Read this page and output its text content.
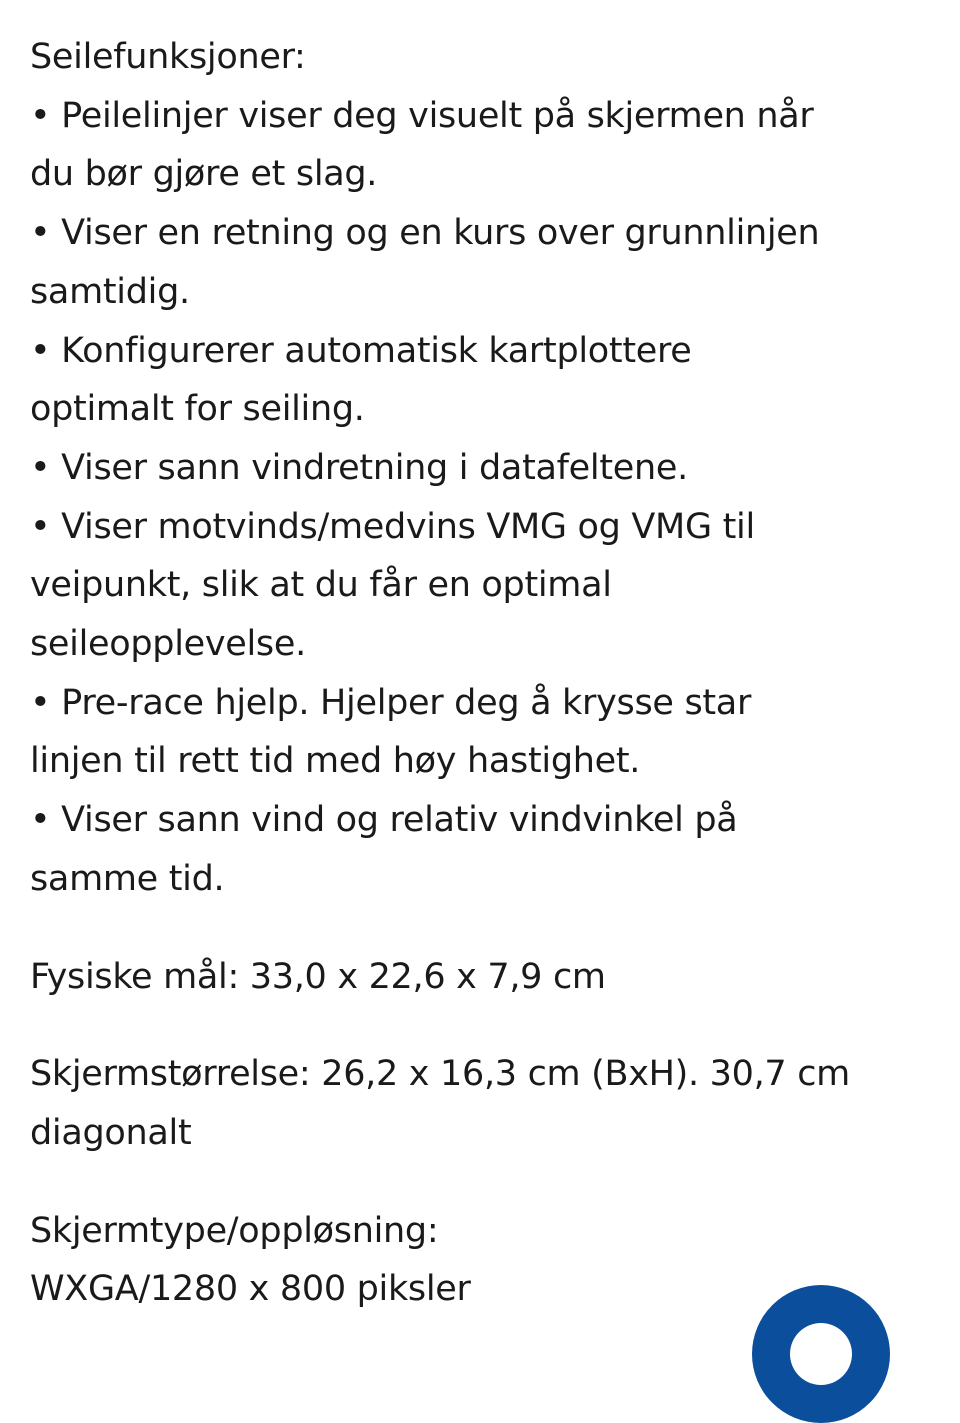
Seilefunksjoner:
• Peilelinjer viser deg visuelt på skjermen når
du bør gjøre et slag.
• Viser en retning og en kurs over grunnlinjen
samtidig.
• Konfigurerer automatisk kartplottere
optimalt for seiling.
• Viser sann vindretning i datafeltene.
• Viser motvinds/medvins VMG og VMG til
veipunkt, slik at du får en optimal
seileopplevelse.
• Pre-race hjelp. Hjelper deg å krysse star
linjen til rett tid med høy hastighet.
• Viser sann vind og relativ vindvinkel på
samme tid.
Fysiske mål: 33,0 x 22,6 x 7,9 cm
Skjermstørrelse: 26,2 x 16,3 cm (BxH). 30,7 cm
diagonalt
Skjermtype/oppløsning:
WXGA/1280 x 800 piksler
